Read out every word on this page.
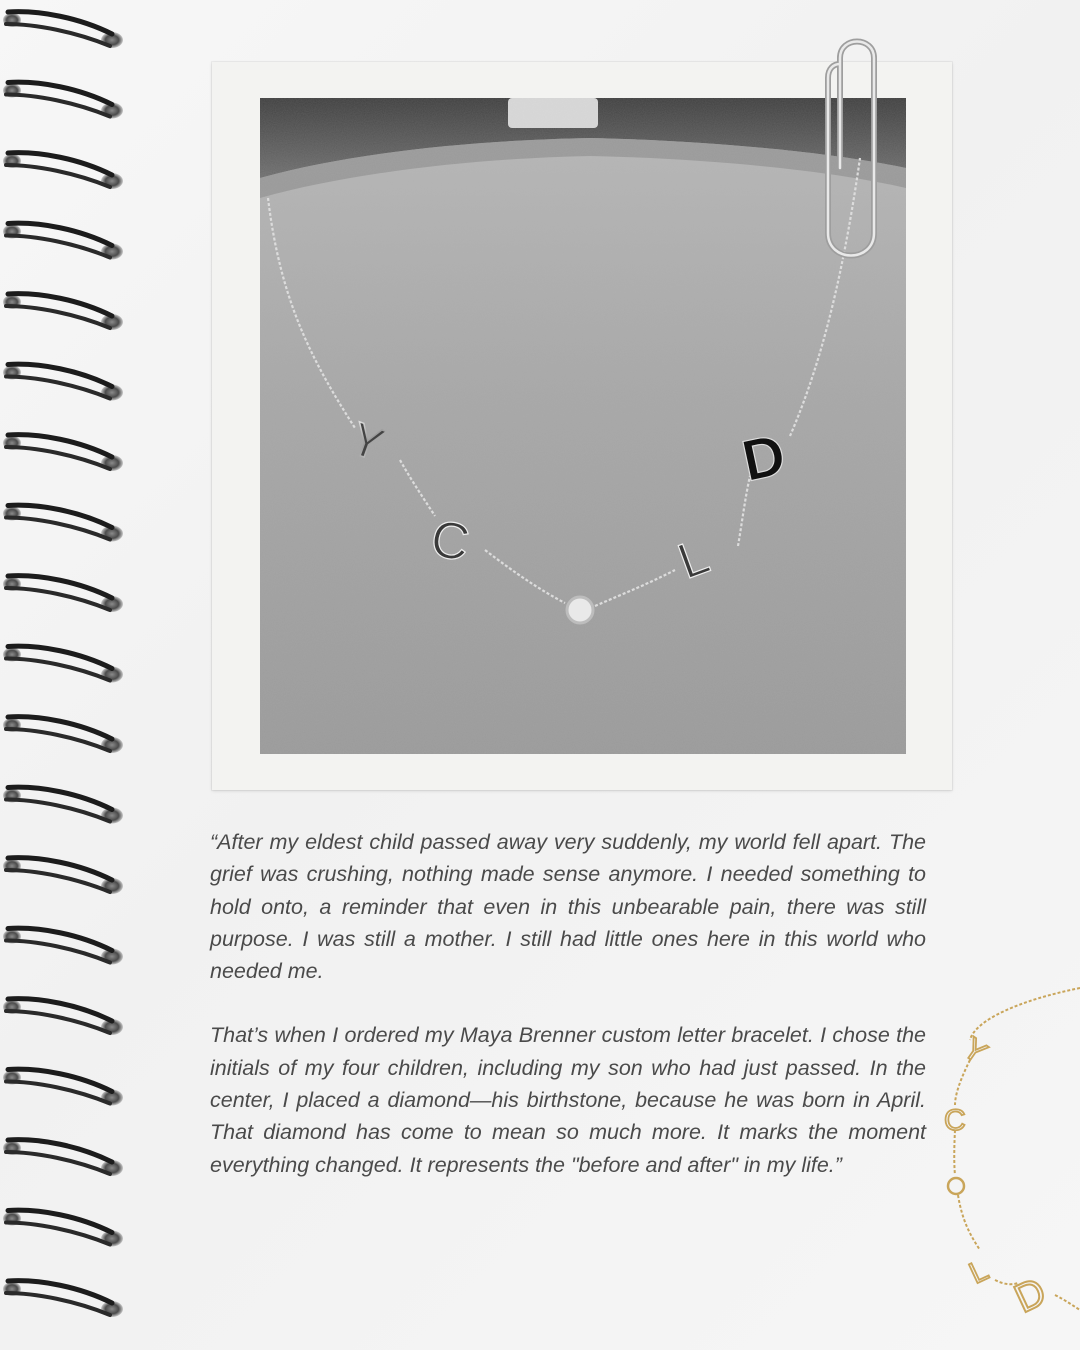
Y
C	L
D

“After my eldest child passed away very suddenly, my world fell apart. The grief was crushing, nothing made sense anymore. I needed something to hold onto, a reminder that even in this unbearable pain, there was still purpose. I was still a mother. I still had little ones here in this world who needed me.

That’s when I ordered my Maya Brenner custom letter bracelet. I chose the initials of my four children, including my son who had just passed. In the center, I placed a diamond—his birthstone, because he was born in April. That diamond has come to mean so much more. It marks the moment everything changed. It represents the "before and after" in my life.”

Y
C
L D
